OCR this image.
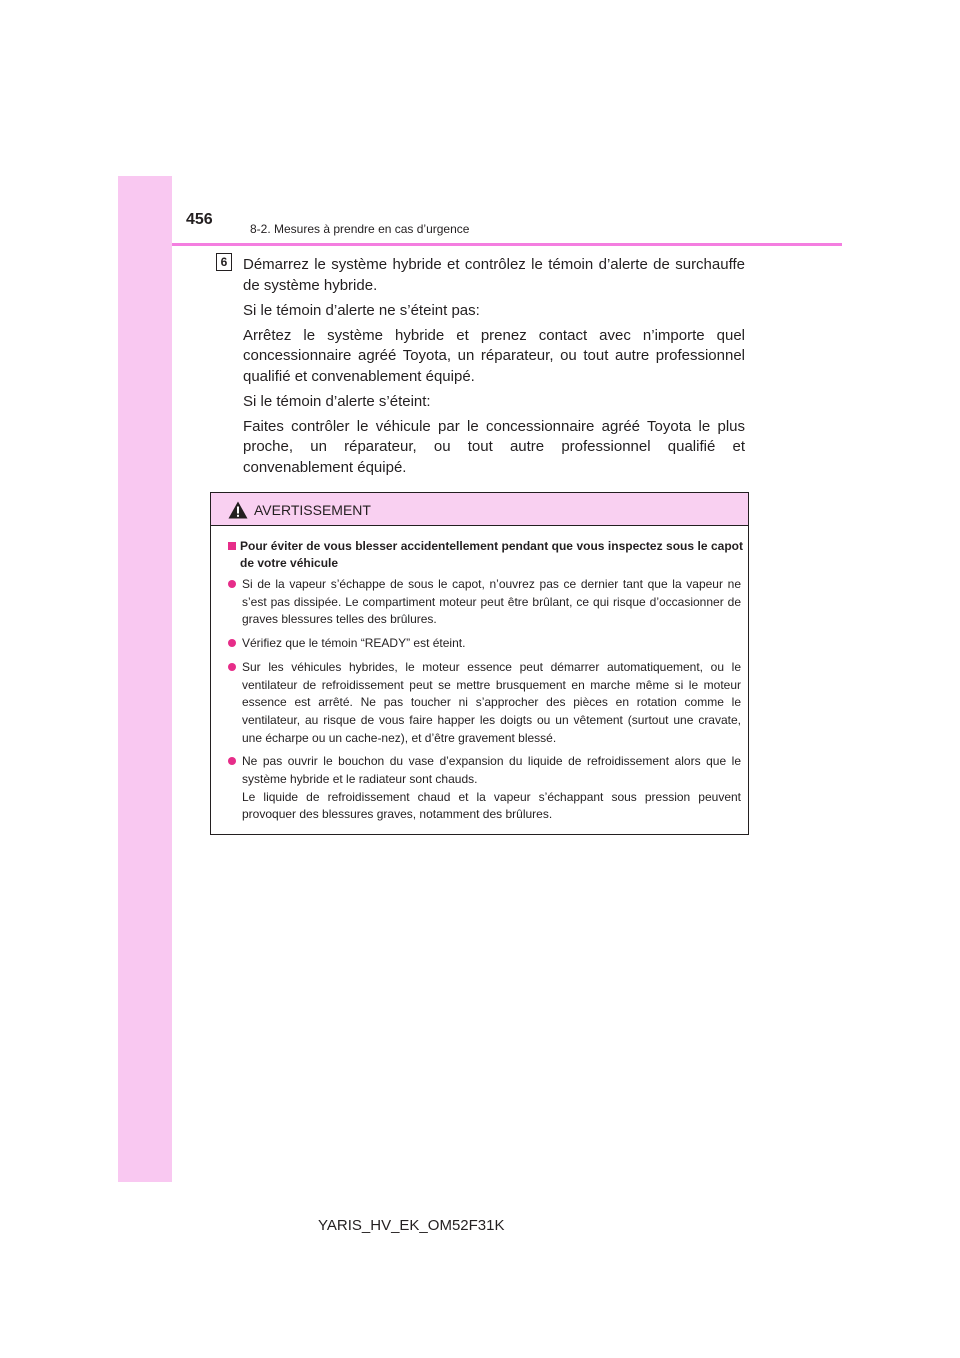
456
8-2. Mesures à prendre en cas d’urgence
6	Démarrez le système hybride et contrôlez le témoin d’alerte de surchauffe de système hybride.

Si le témoin d’alerte ne s’éteint pas:

Arrêtez le système hybride et prenez contact avec n’importe quel concessionnaire agréé Toyota, un réparateur, ou tout autre professionnel qualifié et convenablement équipé.

Si le témoin d’alerte s’éteint:

Faites contrôler le véhicule par le concessionnaire agréé Toyota le plus proche, un réparateur, ou tout autre professionnel qualifié et convenablement équipé.

AVERTISSEMENT
Pour éviter de vous blesser accidentellement pendant que vous inspectez sous le capot de votre véhicule
Si de la vapeur s’échappe de sous le capot, n’ouvrez pas ce dernier tant que la vapeur ne s’est pas dissipée. Le compartiment moteur peut être brûlant, ce qui risque d’occasionner de graves blessures telles des brûlures.
Vérifiez que le témoin “READY” est éteint.
Sur les véhicules hybrides, le moteur essence peut démarrer automatiquement, ou le ventilateur de refroidissement peut se mettre brusquement en marche même si le moteur essence est arrêté. Ne pas toucher ni s’approcher des pièces en rotation comme le ventilateur, au risque de vous faire happer les doigts ou un vêtement (surtout une cravate, une écharpe ou un cache-nez), et d’être gravement blessé.
Ne pas ouvrir le bouchon du vase d’expansion du liquide de refroidissement alors que le système hybride et le radiateur sont chauds.
Le liquide de refroidissement chaud et la vapeur s’échappant sous pression peuvent provoquer des blessures graves, notamment des brûlures.
YARIS_HV_EK_OM52F31K
